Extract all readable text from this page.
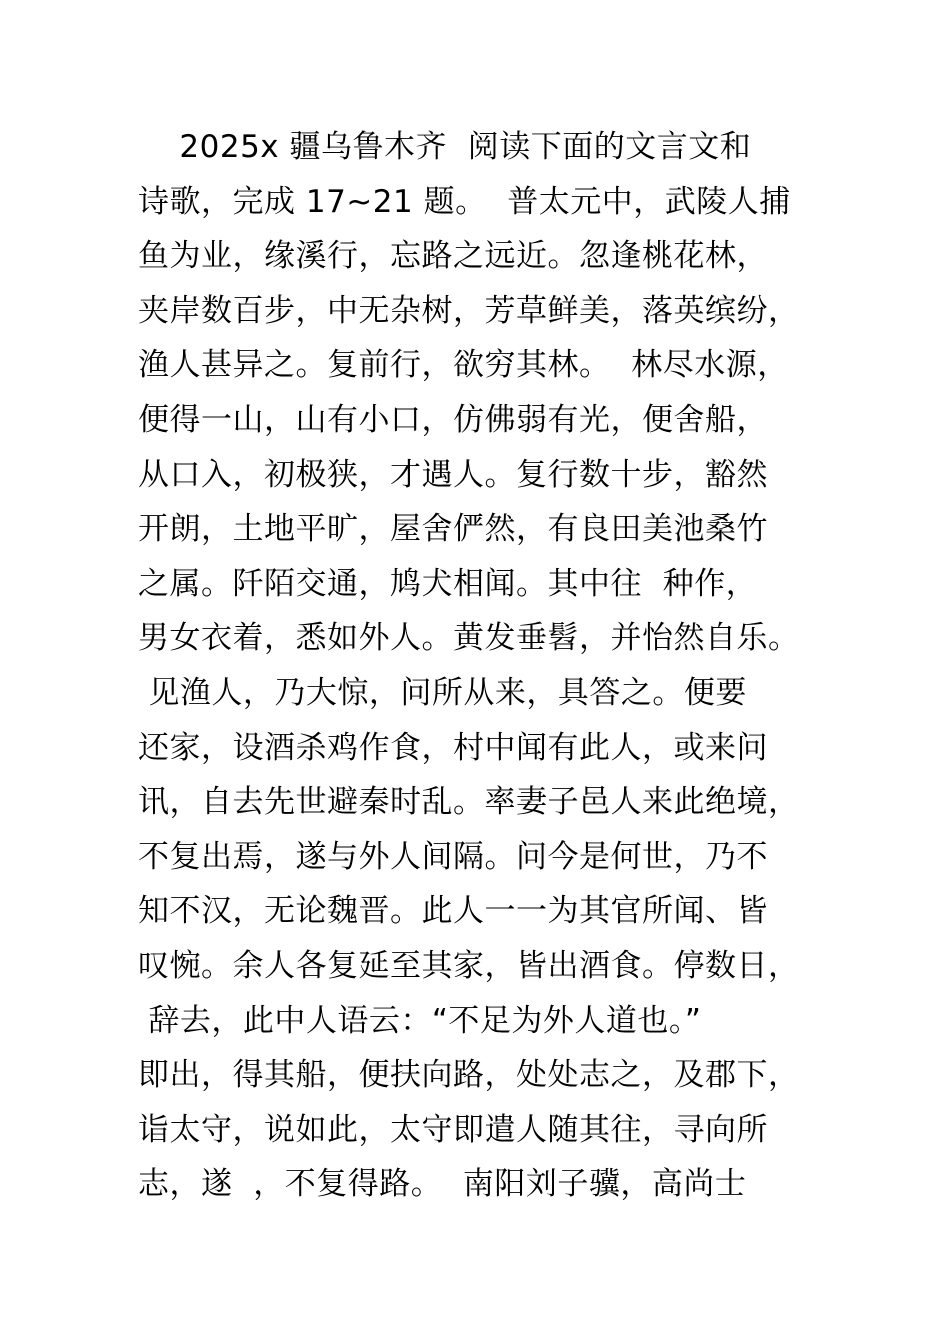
2025x 疆乌鲁木齐  阅读下面的文言文和
诗歌，完成 17~21 题。  普太元中，武陵人捕
鱼为业，缘溪行，忘路之远近。忽逢桃花林，
夹岸数百步，中无杂树，芳草鲜美，落英缤纷，
渔人甚异之。复前行，欲穷其林。  林尽水源，
便得一山，山有小口，仿佛弱有光，便舍船，
从口入，初极狭，才遇人。复行数十步，豁然
开朗，土地平旷，屋舍俨然，有良田美池桑竹
之属。阡陌交通，鸠犬相闻。其中往  种作，
男女衣着，悉如外人。黄发垂髫，并怡然自乐。
见渔人，乃大惊，问所从来，具答之。便要
还家，设酒杀鸡作食，村中闻有此人，或来问
讯，自去先世避秦时乱。率妻子邑人来此绝境，
不复出焉，遂与外人间隔。问今是何世，乃不
知不汉，无论魏晋。此人一一为其官所闻、皆
叹惋。余人各复延至其家，皆出酒食。停数日，
辞去，此中人语云：“不足为外人道也。”
即出，得其船，便扶向路，处处志之，及郡下，
诣太守，说如此，太守即遣人随其往，寻向所
志，遂  ，不复得路。  南阳刘子骥，高尚士
